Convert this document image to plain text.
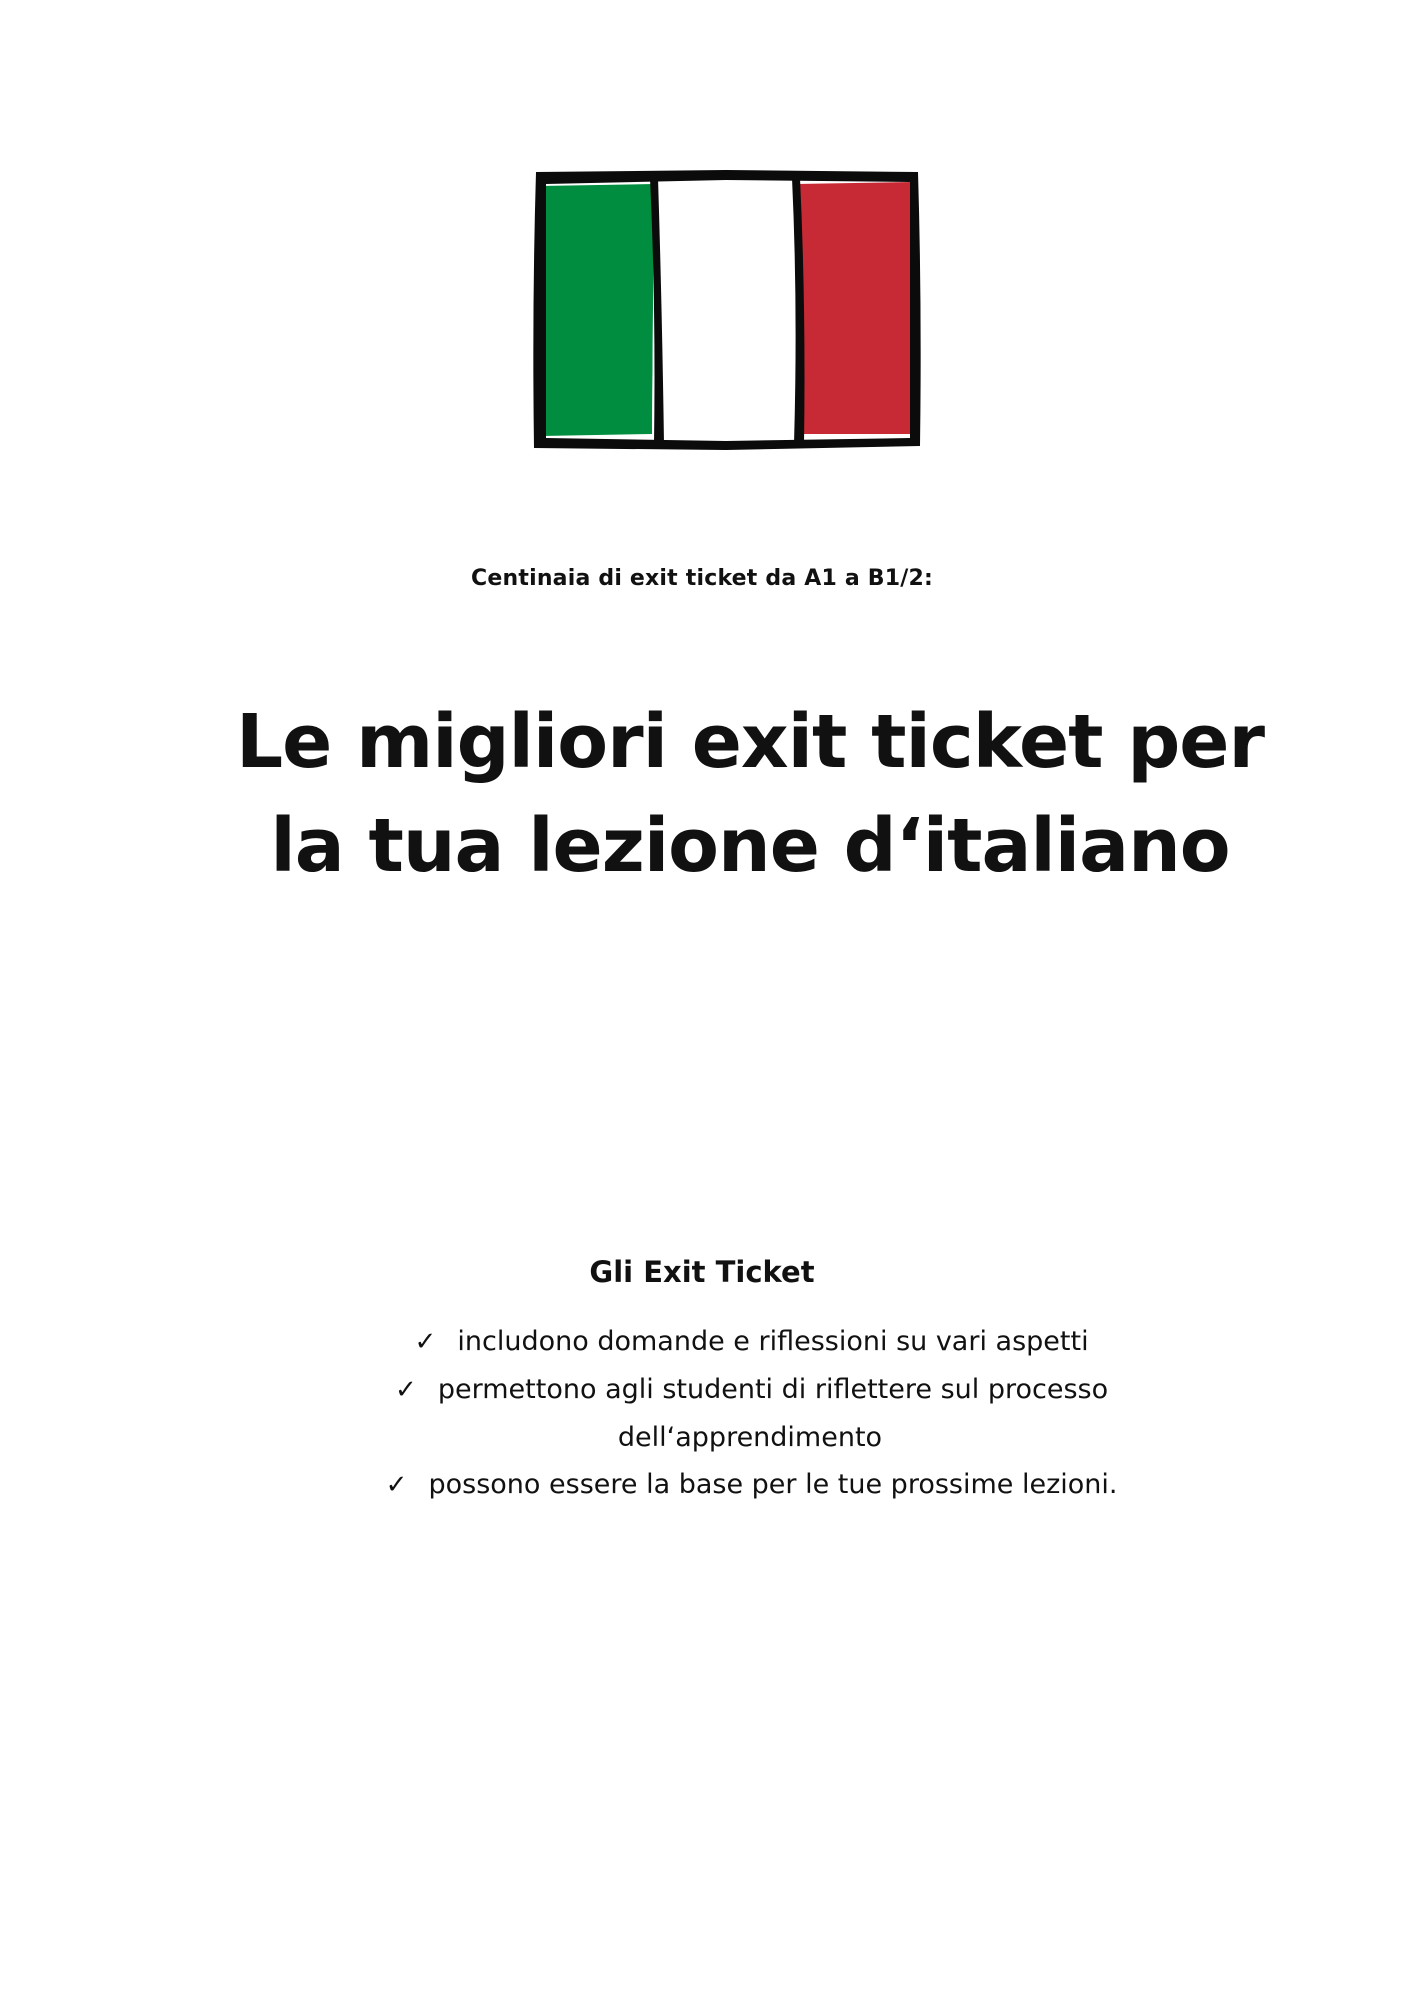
Centinaia di exit ticket da A1 a B1/2:

Le migliori exit ticket per
la tua lezione d‘italiano
Gli Exit Ticket
✓ includono domande e riflessioni su vari aspetti
✓ permettono agli studenti di riflettere sul processo
dell‘apprendimento
✓ possono essere la base per le tue prossime lezioni.
